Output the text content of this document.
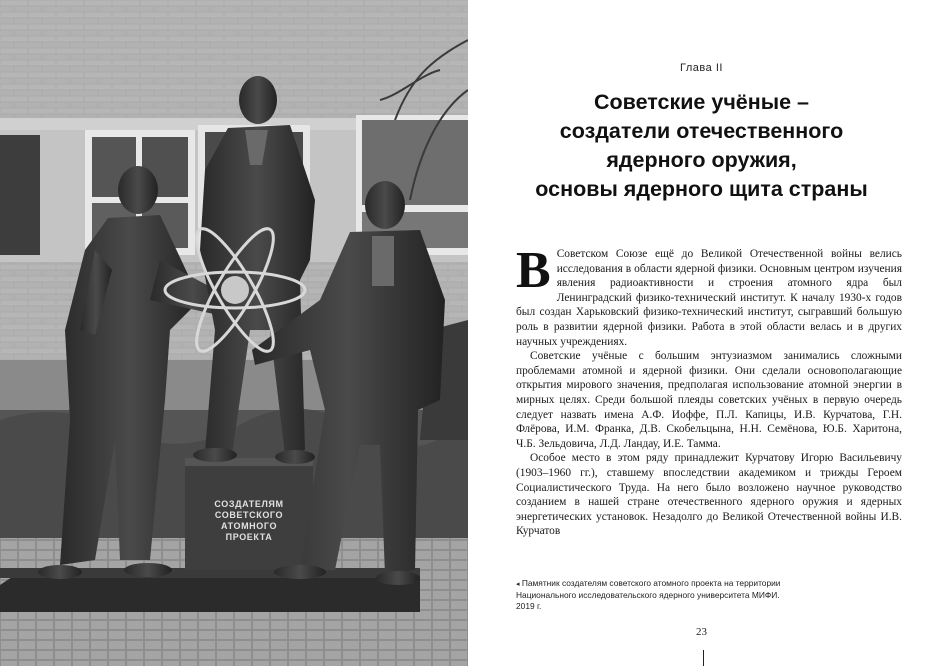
СОЗДАТЕЛЯМ
СОВЕТСКОГО
АТОМНОГО
ПРОЕКТА
Глава II
Советские учёные –
создатели отечественного
ядерного оружия,
основы ядерного щита страны

В Советском Союзе ещё до Великой Отечественной войны велись исследования в области ядерной физики. Основным центром изучения явления радиоактивности и строения атомного ядра был Ленинградский физико-технический институт. К началу 1930-х годов был создан Харьковский физико-технический институт, сыгравший большую роль в развитии ядерной физики. Работа в этой области велась и в других научных учреждениях.

Советские учёные с большим энтузиазмом занимались сложными проблемами атомной и ядерной физики. Они сделали основополагающие открытия мирового значения, предполагая использование атомной энергии в мирных целях. Среди большой плеяды советских учёных в первую очередь следует назвать имена А.Ф. Иоффе, П.Л. Капицы, И.В. Курчатова, Г.Н. Флёрова, И.М. Франка, Д.В. Скобельцына, Н.Н. Семёнова, Ю.Б. Харитона, Ч.Б. Зельдовича, Л.Д. Ландау, И.Е. Тамма.

Особое место в этом ряду принадлежит Курчатову Игорю Васильевичу (1903–1960 гг.), ставшему впоследствии академиком и трижды Героем Социалистического Труда. На него было возложено научное руководство созданием в нашей стране отечественного ядерного оружия и ядерных энергетических установок. Незадолго до Великой Отечественной войны И.В. Курчатов

◂ Памятник создателям советского атомного проекта на территории Национального исследовательского ядерного университета МИФИ. 2019 г.
23
